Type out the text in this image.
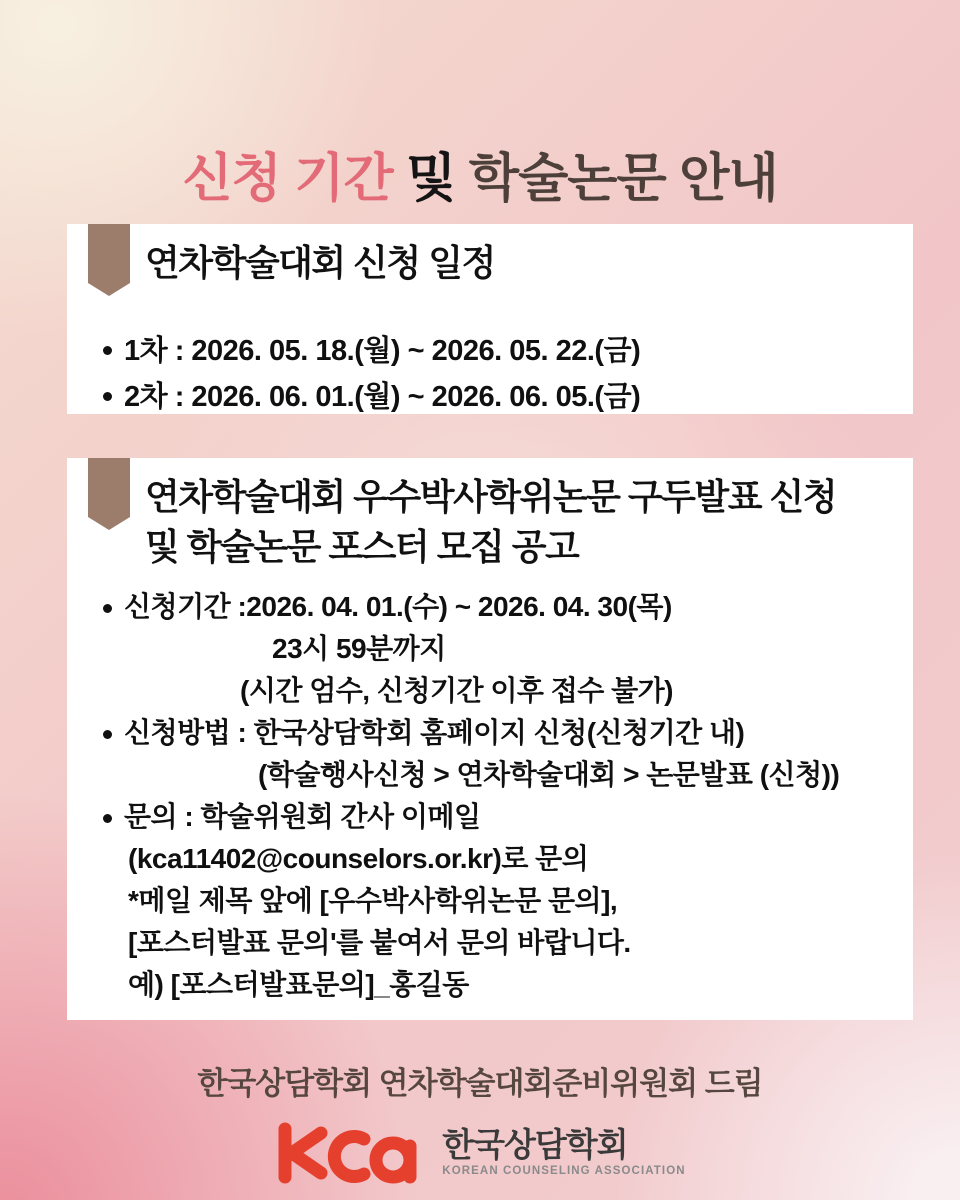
신청 기간 및 학술논문 안내
연차학술대회 신청 일정
1차 : 2026. 05. 18.(월) ~ 2026. 05. 22.(금)
2차 : 2026. 06. 01.(월) ~ 2026. 06. 05.(금)
연차학술대회 우수박사학위논문 구두발표 신청
및 학술논문 포스터 모집 공고
신청기간 :2026. 04. 01.(수) ~ 2026. 04. 30(목)
23시 59분까지
(시간 엄수, 신청기간 이후 접수 불가)
신청방법 : 한국상담학회 홈페이지 신청(신청기간 내)
(학술행사신청 > 연차학술대회 > 논문발표 (신청))
문의 : 학술위원회 간사 이메일
(kca11402@counselors.or.kr)로 문의
*메일 제목 앞에 [우수박사학위논문 문의],
[포스터발표 문의'를 붙여서 문의 바랍니다.
예) [포스터발표문의]_홍길동
한국상담학회 연차학술대회준비위원회 드림
한국상담학회
KOREAN COUNSELING ASSOCIATION
